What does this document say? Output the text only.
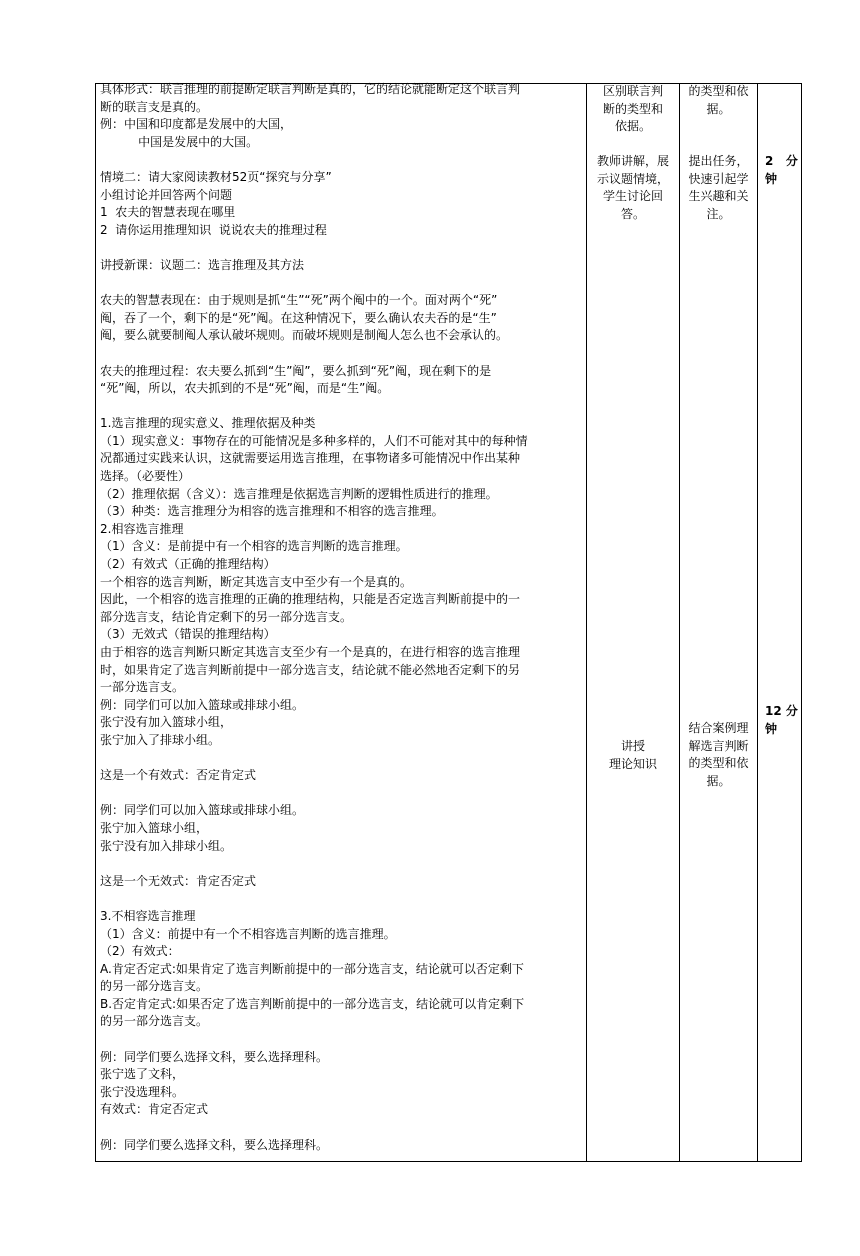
具体形式：联言推理的前提断定联言判断是真的，它的结论就能断定这个联言判
断的联言支是真的。
例：中国和印度都是发展中的大国，
中国是发展中的大国。
情境二：请大家阅读教材52页“探究与分享”
小组讨论并回答两个问题
1  农夫的智慧表现在哪里
2  请你运用推理知识  说说农夫的推理过程
讲授新课：议题二：选言推理及其方法
农夫的智慧表现在：由于规则是抓“生”“死”两个阄中的一个。面对两个“死”
阄，吞了一个，剩下的是“死”阄。在这种情况下，要么确认农夫吞的是“生”
阄，要么就要制阄人承认破坏规则。而破坏规则是制阄人怎么也不会承认的。
农夫的推理过程：农夫要么抓到“生”阄”，要么抓到“死”阄，现在剩下的是
“死”阄，所以，农夫抓到的不是“死”阄，而是“生”阄。
1.选言推理的现实意义、推理依据及种类
（1）现实意义：事物存在的可能情况是多种多样的，人们不可能对其中的每种情
况都通过实践来认识，这就需要运用选言推理，在事物诸多可能情况中作出某种
选择。（必要性）
（2）推理依据（含义）：选言推理是依据选言判断的逻辑性质进行的推理。
（3）种类：选言推理分为相容的选言推理和不相容的选言推理。
2.相容选言推理
（1）含义：是前提中有一个相容的选言判断的选言推理。
（2）有效式（正确的推理结构）
一个相容的选言判断，断定其选言支中至少有一个是真的。
因此，一个相容的选言推理的正确的推理结构，只能是否定选言判断前提中的一
部分选言支，结论肯定剩下的另一部分选言支。
（3）无效式（错误的推理结构）
由于相容的选言判断只断定其选言支至少有一个是真的，在进行相容的选言推理
时，如果肯定了选言判断前提中一部分选言支，结论就不能必然地否定剩下的另
一部分选言支。
例：同学们可以加入篮球或排球小组。
张宁没有加入篮球小组，
张宁加入了排球小组。
这是一个有效式：否定肯定式
例：同学们可以加入篮球或排球小组。
张宁加入篮球小组，
张宁没有加入排球小组。
这是一个无效式：肯定否定式
3.不相容选言推理
（1）含义：前提中有一个不相容选言判断的选言推理。
（2）有效式：
A.肯定否定式:如果肯定了选言判断前提中的一部分选言支，结论就可以否定剩下
的另一部分选言支。
B.否定肯定式:如果否定了选言判断前提中的一部分选言支，结论就可以肯定剩下
的另一部分选言支。
例：同学们要么选择文科，要么选择理科。
张宁选了文科，
张宁没选理科。
有效式：肯定否定式
例：同学们要么选择文科，要么选择理科。
区别联言判
断的类型和
依据。
教师讲解，展
示议题情境，
学生讨论回
答。
讲授
理论知识
的类型和依
据。
提出任务，
快速引起学
生兴趣和关
注。
结合案例理
解选言判断
的类型和依
据。
2   分
钟
12 分
钟
